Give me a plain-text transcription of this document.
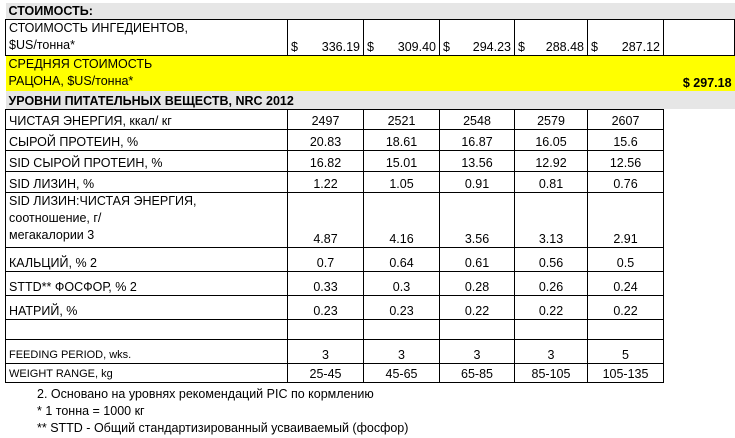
СТОИМОСТЬ:						
СТОИМОСТЬ ИНГЕДИЕНТОВ,
$US/тонна*	$ 336.19	$ 309.40	$ 294.23	$ 288.48	$ 287.12	

СРЕДНЯЯ СТОИМОСТЬ
РАЦОНА, $US/тонна*						$ 297.18
УРОВНИ ПИТАТЕЛЬНЫХ ВЕЩЕСТВ, NRC 2012						
ЧИСТАЯ ЭНЕРГИЯ, ккал/ кг	2497	2521	2548	2579	2607	
СЫРОЙ ПРОТЕИН, %	20.83	18.61	16.87	16.05	15.6	
SID СЫРОЙ ПРОТЕИН, %	16.82	15.01	13.56	12.92	12.56	
SID ЛИЗИН, %	1.22	1.05	0.91	0.81	0.76	
SID ЛИЗИН:ЧИСТАЯ ЭНЕРГИЯ,
соотношение, г/
мегакалории 3	4.87	4.16	3.56	3.13	2.91	
КАЛЬЦИЙ, % 2	0.7	0.64	0.61	0.56	0.5	
STTD** ФОСФОР, % 2	0.33	0.3	0.28	0.26	0.24	
НАТРИЙ, %	0.23	0.23	0.22	0.22	0.22	

FEEDING PERIOD, wks.	3	3	3	3	5	
WEIGHT RANGE, kg	25-45	45-65	65-85	85-105	105-135	
2. Основано на уровнях рекомендаций PIC по кормлению
* 1 тонна = 1000 кг
** STTD - Общий стандартизированный усваиваемый (фосфор)
